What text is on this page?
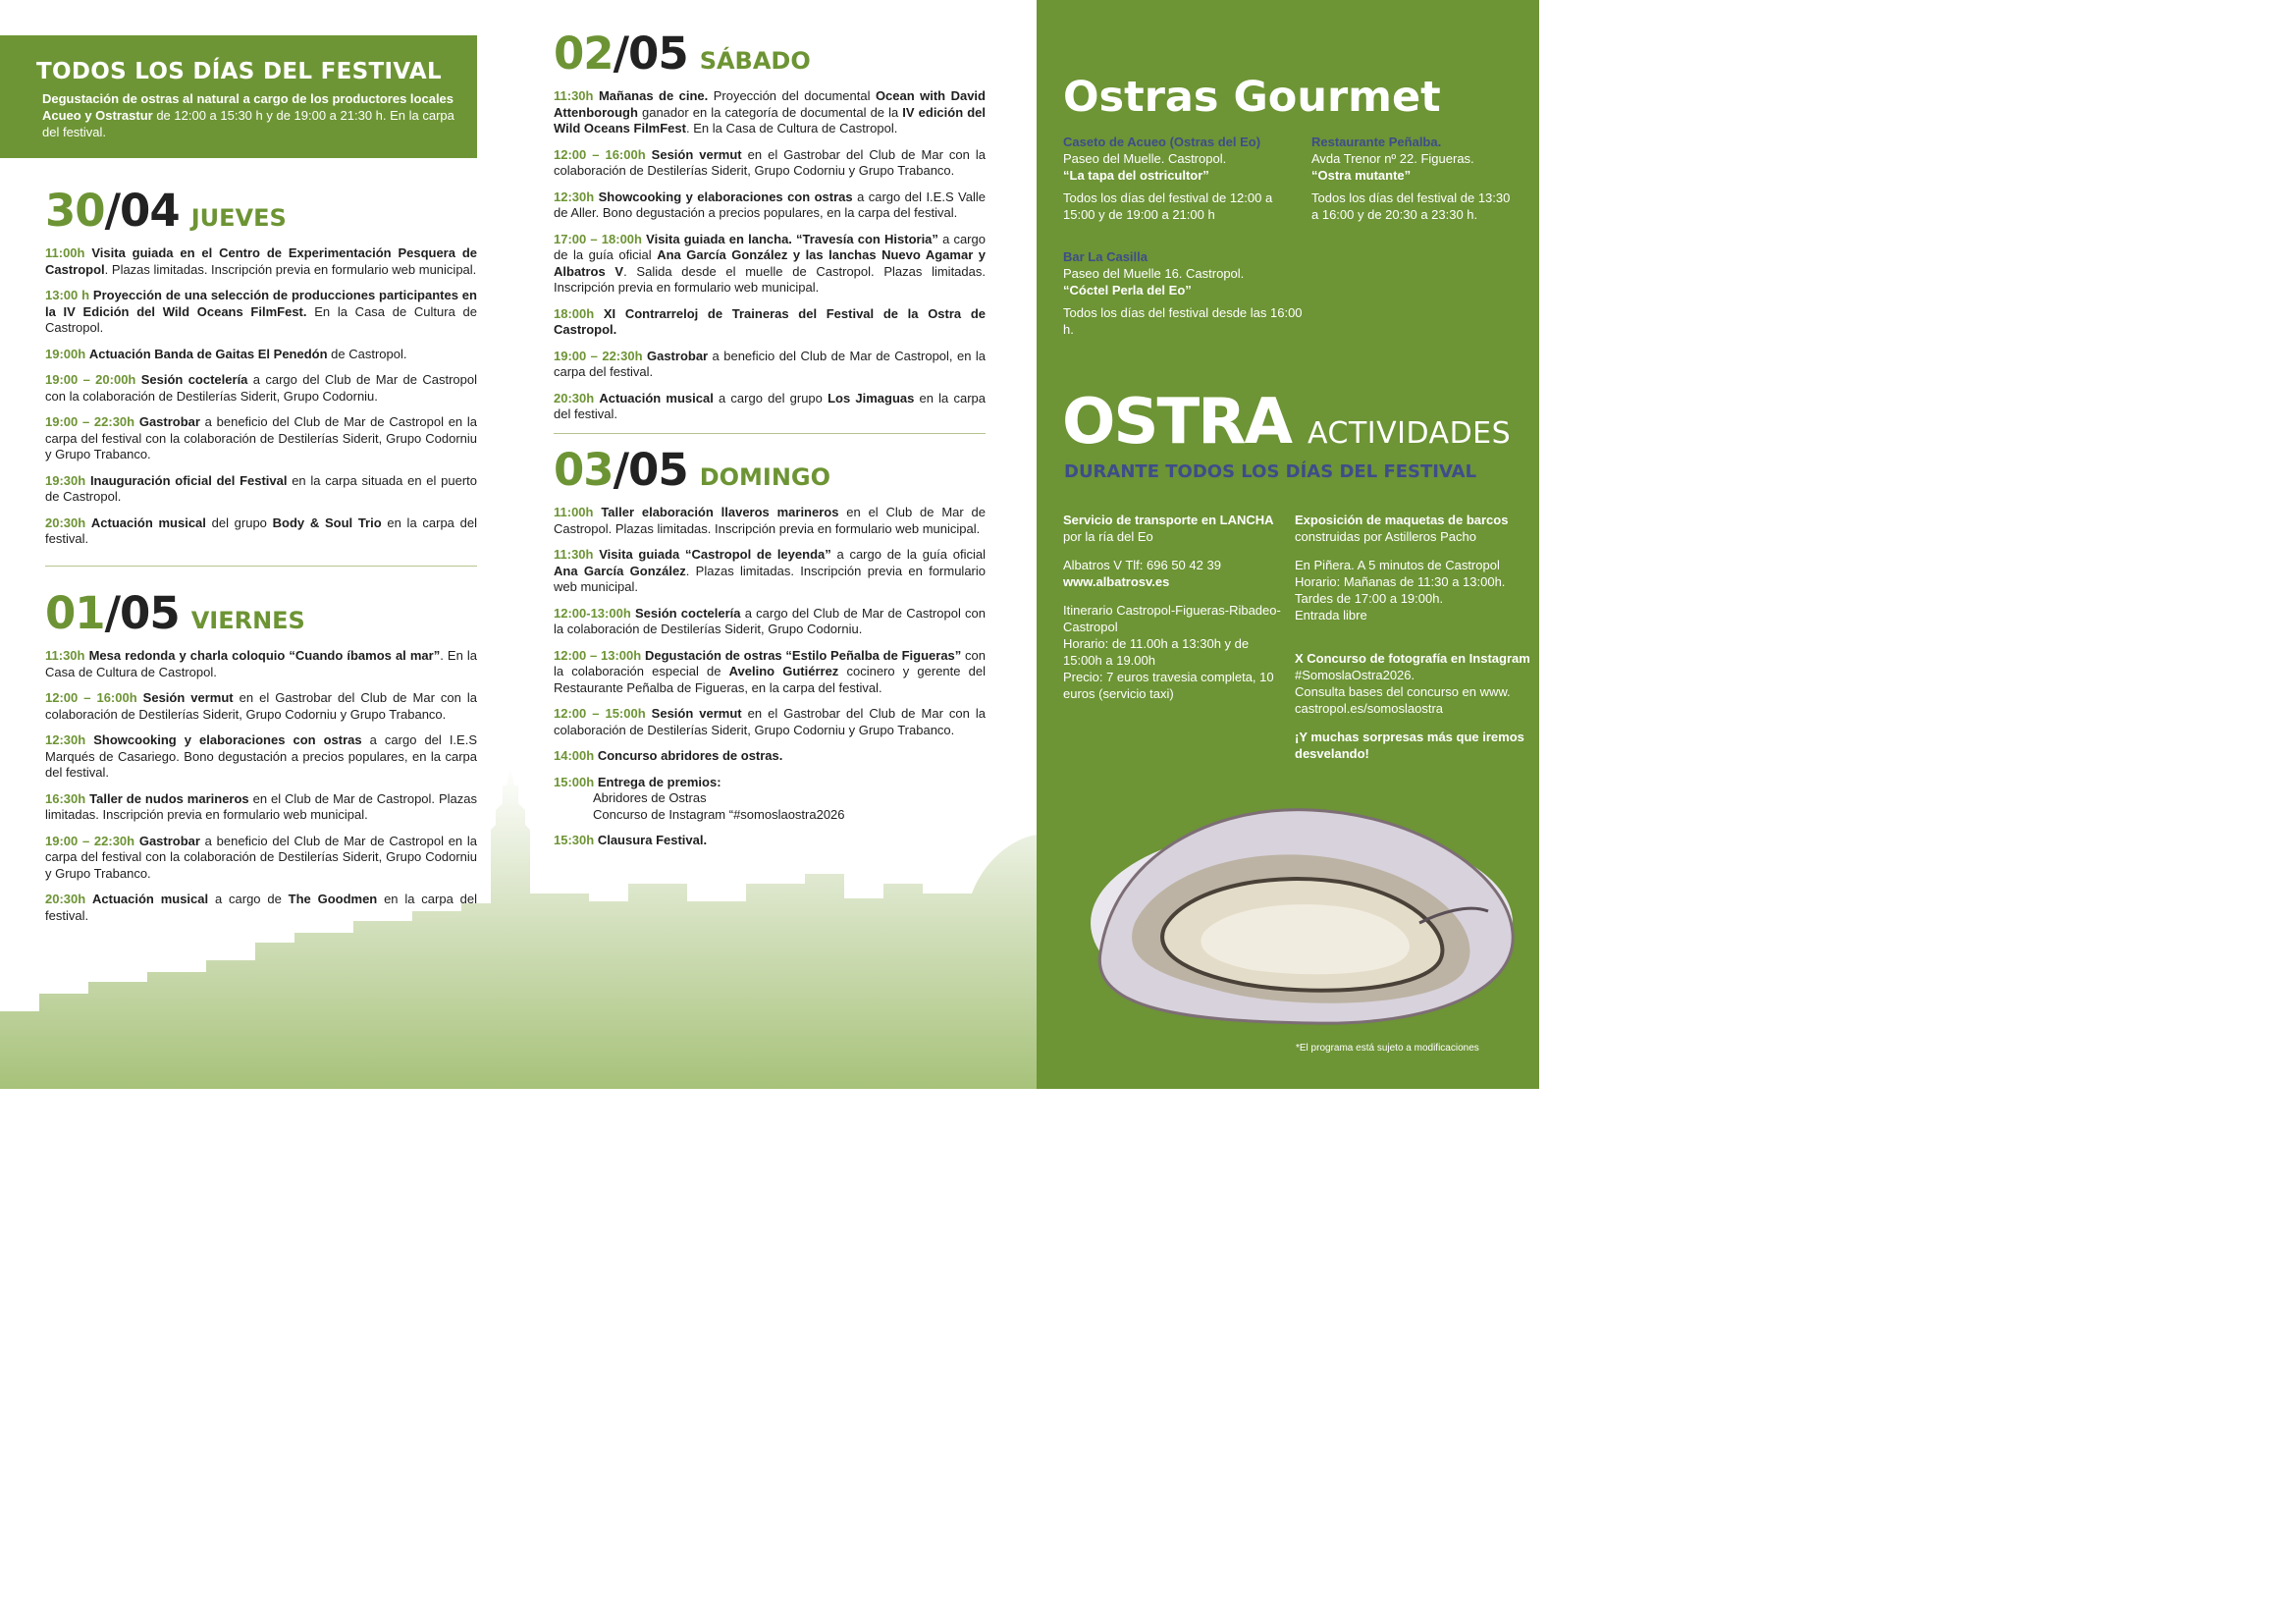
TODOS LOS DÍAS DEL FESTIVAL

Degustación de ostras al natural a cargo de los productores locales Acueo y Ostrastur de 12:00 a 15:30 h y de 19:00 a 21:30 h. En la carpa del festival.

30/04 JUEVES

11:00h Visita guiada en el Centro de Experimentación Pesquera de Castropol. Plazas limitadas. Inscripción previa en formulario web municipal.

13:00 h Proyección de una selección de producciones participantes en la IV Edición del Wild Oceans FilmFest. En la Casa de Cultura de Castropol.

19:00h Actuación Banda de Gaitas El Penedón de Castropol.

19:00 – 20:00h Sesión coctelería a cargo del Club de Mar de Castropol con la colaboración de Destilerías Siderit, Grupo Codorniu.

19:00 – 22:30h Gastrobar a beneficio del Club de Mar de Castropol en la carpa del festival con la colaboración de Destilerías Siderit, Grupo Codorniu y Grupo Trabanco.

19:30h Inauguración oficial del Festival en la carpa situada en el puerto de Castropol.

20:30h Actuación musical del grupo Body & Soul Trio en la carpa del festival.

01/05 VIERNES

11:30h Mesa redonda y charla coloquio “Cuando íbamos al mar”. En la Casa de Cultura de Castropol.

12:00 – 16:00h Sesión vermut en el Gastrobar del Club de Mar con la colaboración de Destilerías Siderit, Grupo Codorniu y Grupo Trabanco.

12:30h Showcooking y elaboraciones con ostras a cargo del I.E.S Marqués de Casariego. Bono degustación a precios populares, en la carpa del festival.

16:30h Taller de nudos marineros en el Club de Mar de Castropol. Plazas limitadas. Inscripción previa en formulario web municipal.

19:00 – 22:30h Gastrobar a beneficio del Club de Mar de Castropol en la carpa del festival con la colaboración de Destilerías Siderit, Grupo Codorniu y Grupo Trabanco.

20:30h Actuación musical a cargo de The Goodmen en la carpa del festival.

02/05 SÁBADO

11:30h Mañanas de cine. Proyección del documental Ocean with David Attenborough ganador en la categoría de documental de la IV edición del Wild Oceans FilmFest. En la Casa de Cultura de Castropol.

12:00 – 16:00h Sesión vermut en el Gastrobar del Club de Mar con la colaboración de Destilerías Siderit, Grupo Codorniu y Grupo Trabanco.

12:30h Showcooking y elaboraciones con ostras a cargo del I.E.S Valle de Aller. Bono degustación a precios populares, en la carpa del festival.

17:00 – 18:00h Visita guiada en lancha. “Travesía con Historia” a cargo de la guía oficial Ana García González y las lanchas Nuevo Agamar y Albatros V. Salida desde el muelle de Castropol. Plazas limitadas. Inscripción previa en formulario web municipal.

18:00h XI Contrarreloj de Traineras del Festival de la Ostra de Castropol.

19:00 – 22:30h Gastrobar a beneficio del Club de Mar de Castropol, en la carpa del festival.

20:30h Actuación musical a cargo del grupo Los Jimaguas en la carpa del festival.

03/05 DOMINGO

11:00h Taller elaboración llaveros marineros en el Club de Mar de Castropol. Plazas limitadas. Inscripción previa en formulario web municipal.

11:30h Visita guiada “Castropol de leyenda” a cargo de la guía oficial Ana García González. Plazas limitadas. Inscripción previa en formulario web municipal.

12:00-13:00h Sesión coctelería a cargo del Club de Mar de Castropol con la colaboración de Destilerías Siderit, Grupo Codorniu.

12:00 – 13:00h Degustación de ostras “Estilo Peñalba de Figueras” con la colaboración especial de Avelino Gutiérrez cocinero y gerente del Restaurante Peñalba de Figueras, en la carpa del festival.

12:00 – 15:00h Sesión vermut en el Gastrobar del Club de Mar con la colaboración de Destilerías Siderit, Grupo Codorniu y Grupo Trabanco.

14:00h Concurso abridores de ostras.

15:00h Entrega de premios:
Abridores de Ostras
Concurso de Instagram “#somoslaostra2026

15:30h Clausura Festival.

Ostras Gourmet
Caseto de Acueo (Ostras del Eo)
Paseo del Muelle. Castropol.
“La tapa del ostricultor”
Todos los días del festival de 12:00 a 15:00 y de 19:00 a 21:00 h
Restaurante Peñalba.
Avda Trenor nº 22. Figueras.
“Ostra mutante”
Todos los días del festival de 13:30 a 16:00 y de 20:30 a 23:30 h.
Bar La Casilla
Paseo del Muelle 16. Castropol.
“Cóctel Perla del Eo”
Todos los días del festival desde las 16:00 h.
OSTRA ACTIVIDADES
DURANTE TODOS LOS DÍAS DEL FESTIVAL
Servicio de transporte en LANCHA
por la ría del Eo
Albatros V Tlf: 696 50 42 39
www.albatrosv.es
Itinerario Castropol-Figueras-Ribadeo-Castropol
Horario: de 11.00h a 13:30h y de 15:00h a 19.00h
Precio: 7 euros travesia completa, 10 euros (servicio taxi)
Exposición de maquetas de barcos
construidas por Astilleros Pacho
En Piñera. A 5 minutos de Castropol
Horario: Mañanas de 11:30 a 13:00h. Tardes de 17:00 a 19:00h.
Entrada libre
X Concurso de fotografía en Instagram
#SomoslaOstra2026.
Consulta bases del concurso en www. castropol.es/somoslaostra
¡Y muchas sorpresas más que iremos desvelando!
*El programa está sujeto a modificaciones
